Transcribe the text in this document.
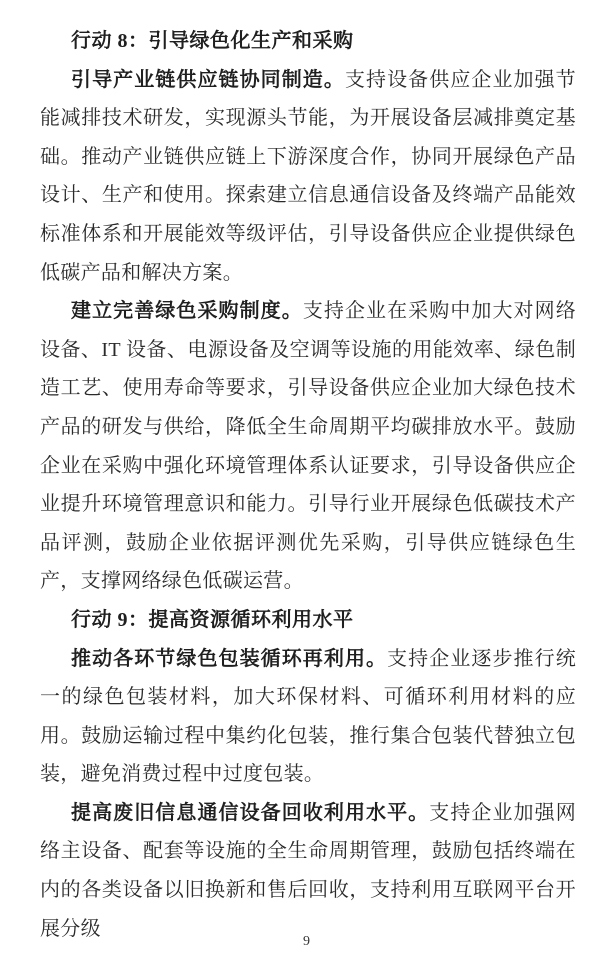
行动 8：引导绿色化生产和采购

引导产业链供应链协同制造。支持设备供应企业加强节能减排技术研发，实现源头节能，为开展设备层减排奠定基础。推动产业链供应链上下游深度合作，协同开展绿色产品设计、生产和使用。探索建立信息通信设备及终端产品能效标准体系和开展能效等级评估，引导设备供应企业提供绿色低碳产品和解决方案。

建立完善绿色采购制度。支持企业在采购中加大对网络设备、IT 设备、电源设备及空调等设施的用能效率、绿色制造工艺、使用寿命等要求，引导设备供应企业加大绿色技术产品的研发与供给，降低全生命周期平均碳排放水平。鼓励企业在采购中强化环境管理体系认证要求，引导设备供应企业提升环境管理意识和能力。引导行业开展绿色低碳技术产品评测，鼓励企业依据评测优先采购，引导供应链绿色生产，支撑网络绿色低碳运营。

行动 9：提高资源循环利用水平

推动各环节绿色包装循环再利用。支持企业逐步推行统一的绿色包装材料，加大环保材料、可循环利用材料的应用。鼓励运输过程中集约化包装，推行集合包装代替独立包装，避免消费过程中过度包装。

提高废旧信息通信设备回收利用水平。支持企业加强网络主设备、配套等设施的全生命周期管理，鼓励包括终端在内的各类设备以旧换新和售后回收，支持利用互联网平台开展分级

9
